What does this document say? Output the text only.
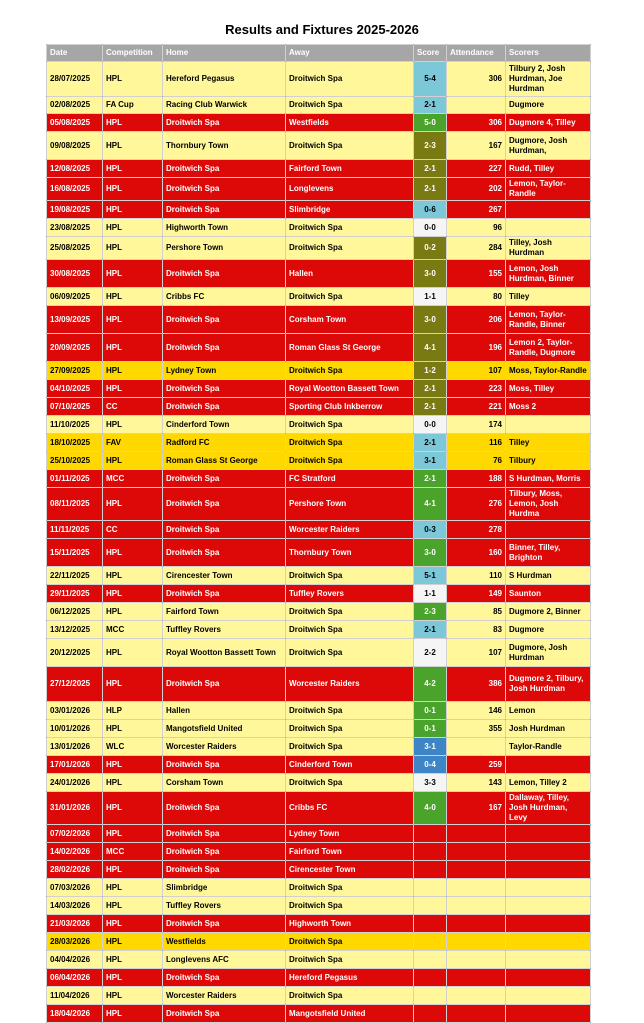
Results and Fixtures 2025-2026
Date	Competition	Home	Away	Score	Attendance	Scorers
28/07/2025	HPL	Hereford Pegasus	Droitwich Spa	5-4	306	Tilbury 2, Josh Hurdman, Joe Hurdman
02/08/2025	FA Cup	Racing Club Warwick	Droitwich Spa	2-1		Dugmore
05/08/2025	HPL	Droitwich Spa	Westfields	5-0	306	Dugmore 4, Tilley
09/08/2025	HPL	Thornbury Town	Droitwich Spa	2-3	167	Dugmore, Josh Hurdman,
12/08/2025	HPL	Droitwich Spa	Fairford Town	2-1	227	Rudd, Tilley
16/08/2025	HPL	Droitwich Spa	Longlevens	2-1	202	Lemon, Taylor-Randle
19/08/2025	HPL	Droitwich Spa	Slimbridge	0-6	267	
23/08/2025	HPL	Highworth Town	Droitwich Spa	0-0	96	
25/08/2025	HPL	Pershore Town	Droitwich Spa	0-2	284	Tilley, Josh Hurdman
30/08/2025	HPL	Droitwich Spa	Hallen	3-0	155	Lemon, Josh Hurdman, Binner
06/09/2025	HPL	Cribbs FC	Droitwich Spa	1-1	80	Tilley
13/09/2025	HPL	Droitwich Spa	Corsham Town	3-0	206	Lemon, Taylor-Randle, Binner
20/09/2025	HPL	Droitwich Spa	Roman Glass St George	4-1	196	Lemon 2, Taylor-Randle, Dugmore
27/09/2025	HPL	Lydney Town	Droitwich Spa	1-2	107	Moss, Taylor-Randle
04/10/2025	HPL	Droitwich Spa	Royal Wootton Bassett Town	2-1	223	Moss, Tilley
07/10/2025	CC	Droitwich Spa	Sporting Club Inkberrow	2-1	221	Moss 2
11/10/2025	HPL	Cinderford Town	Droitwich Spa	0-0	174	
18/10/2025	FAV	Radford FC	Droitwich Spa	2-1	116	Tilley
25/10/2025	HPL	Roman Glass St George	Droitwich Spa	3-1	76	Tilbury
01/11/2025	MCC	Droitwich Spa	FC Stratford	2-1	188	S Hurdman, Morris
08/11/2025	HPL	Droitwich Spa	Pershore Town	4-1	276	Tilbury, Moss, Lemon, Josh Hurdma
11/11/2025	CC	Droitwich Spa	Worcester Raiders	0-3	278	
15/11/2025	HPL	Droitwich Spa	Thornbury Town	3-0	160	Binner, Tilley, Brighton
22/11/2025	HPL	Cirencester Town	Droitwich Spa	5-1	110	S Hurdman
29/11/2025	HPL	Droitwich Spa	Tuffley Rovers	1-1	149	Saunton
06/12/2025	HPL	Fairford Town	Droitwich Spa	2-3	85	Dugmore 2, Binner
13/12/2025	MCC	Tuffley Rovers	Droitwich Spa	2-1	83	Dugmore
20/12/2025	HPL	Royal Wootton Bassett Town	Droitwich Spa	2-2	107	Dugmore, Josh Hurdman
27/12/2025	HPL	Droitwich Spa	Worcester Raiders	4-2	386	Dugmore 2, Tilbury, Josh Hurdman
03/01/2026	HLP	Hallen	Droitwich Spa	0-1	146	Lemon
10/01/2026	HPL	Mangotsfield United	Droitwich Spa	0-1	355	Josh Hurdman
13/01/2026	WLC	Worcester Raiders	Droitwich Spa	3-1		Taylor-Randle
17/01/2026	HPL	Droitwich Spa	Cinderford Town	0-4	259	
24/01/2026	HPL	Corsham Town	Droitwich Spa	3-3	143	Lemon, Tilley 2
31/01/2026	HPL	Droitwich Spa	Cribbs FC	4-0	167	Dallaway, Tilley, Josh Hurdman, Levy
07/02/2026	HPL	Droitwich Spa	Lydney Town			
14/02/2026	MCC	Droitwich Spa	Fairford Town			
28/02/2026	HPL	Droitwich Spa	Cirencester Town			
07/03/2026	HPL	Slimbridge	Droitwich Spa			
14/03/2026	HPL	Tuffley Rovers	Droitwich Spa			
21/03/2026	HPL	Droitwich Spa	Highworth Town			
28/03/2026	HPL	Westfields	Droitwich Spa			
04/04/2026	HPL	Longlevens AFC	Droitwich Spa			
06/04/2026	HPL	Droitwich Spa	Hereford Pegasus			
11/04/2026	HPL	Worcester Raiders	Droitwich Spa			
18/04/2026	HPL	Droitwich Spa	Mangotsfield United			
